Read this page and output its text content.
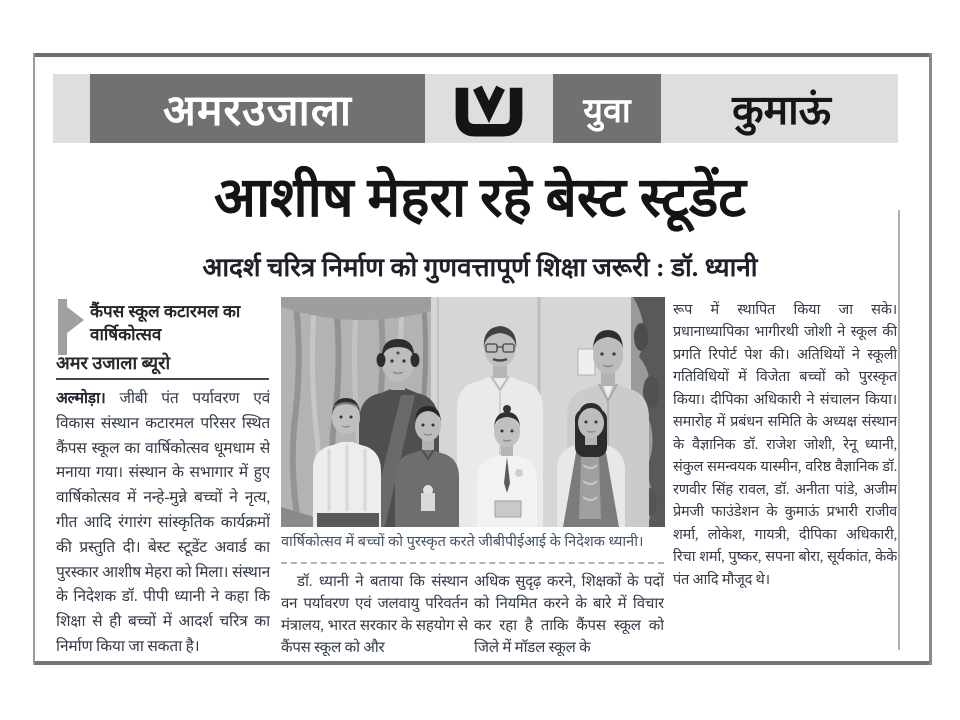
अमरउजाला	युवा	कुमाऊं
आशीष मेहरा रहे बेस्ट स्टूडेंट
आदर्श चरित्र निर्माण को गुणवत्तापूर्ण शिक्षा जरूरी : डॉ. ध्यानी
कैंपस स्कूल कटारमल का वार्षिकोत्सव
अमर उजाला ब्यूरो
अल्मोड़ा। जीबी पंत पर्यावरण एवं विकास संस्थान कटारमल परिसर स्थित कैंपस स्कूल का वार्षिकोत्सव धूमधाम से मनाया गया। संस्थान के सभागार में हुए वार्षिकोत्सव में नन्हे-मुन्ने बच्चों ने नृत्य, गीत आदि रंगारंग सांस्कृतिक कार्यक्रमों की प्रस्तुति दी। बेस्ट स्टूडेंट अवार्ड का पुरस्कार आशीष मेहरा को मिला। संस्थान के निदेशक डॉ. पीपी ध्यानी ने कहा कि शिक्षा से ही बच्चों में आदर्श चरित्र का निर्माण किया जा सकता है।
वार्षिकोत्सव में बच्चों को पुरस्कृत करते जीबीपीईआई के निदेशक ध्यानी।
डॉ. ध्यानी ने बताया कि संस्थान वन पर्यावरण एवं जलवायु परिवर्तन मंत्रालय, भारत सरकार के सहयोग से कैंपस स्कूल को और
अधिक सुदृढ़ करने, शिक्षकों के पदों को नियमित करने के बारे में विचार कर रहा है ताकि कैंपस स्कूल को जिले में मॉडल स्कूल के
रूप में स्थापित किया जा सके। प्रधानाध्यापिका भागीरथी जोशी ने स्कूल की प्रगति रिपोर्ट पेश की। अतिथियों ने स्कूली गतिविधियों में विजेता बच्चों को पुरस्कृत किया। दीपिका अधिकारी ने संचालन किया। समारोह में प्रबंधन समिति के अध्यक्ष संस्थान के वैज्ञानिक डॉ. राजेश जोशी, रेनू ध्यानी, संकुल समन्वयक यास्मीन, वरिष्ठ वैज्ञानिक डॉ. रणवीर सिंह रावल, डॉ. अनीता पांडे, अजीम प्रेमजी फाउंडेशन के कुमाऊं प्रभारी राजीव शर्मा, लोकेश, गायत्री, दीपिका अधिकारी, रिचा शर्मा, पुष्कर, सपना बोरा, सूर्यकांत, केके पंत आदि मौजूद थे।
